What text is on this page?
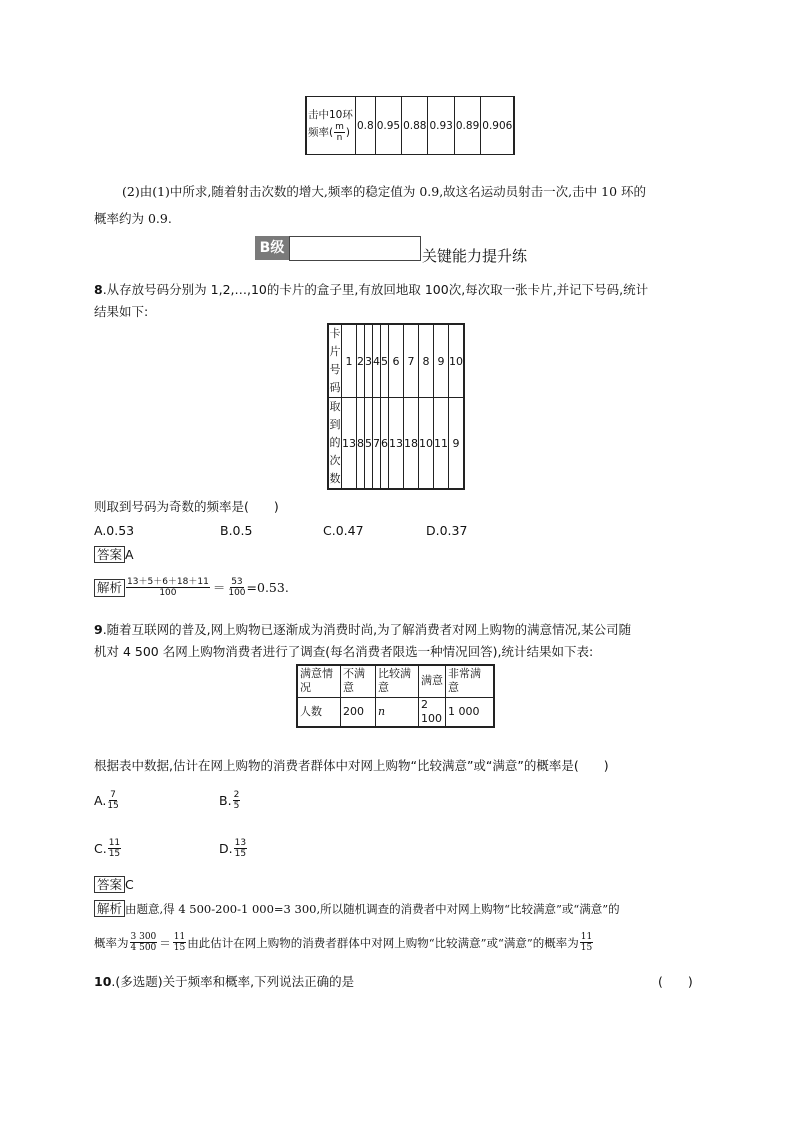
击中10环
频率( $\frac{m}{n}$ )	0.8	0.95	0.88	0.93	0.89	0.906
(2)由(1)中所求,随着射击次数的增大,频率的稳定值为 0.9,故这名运动员射击一次,击中 10 环的
概率约为 0.9.
B级	关键能力提升练
8.从存放号码分别为 1,2,…,10的卡片的盒子里,有放回地取 100次,每次取一张卡片,并记下号码,统计
结果如下:
卡片号码	1	2	3	4	5	6	7	8	9	10

取到的次数	13	8	5	7	6	13	18	10	11	9
则取到号码为奇数的频率是(　　)
A.0.53	B.0.5	C.0.47	D.0.37
答案 A
解析 $\frac{13+5+6+18+11}{100} = \frac{53}{100} =0.53$.
9.随着互联网的普及,网上购物已逐渐成为消费时尚,为了解消费者对网上购物的满意情况,某公司随
机对 4 500 名网上购物消费者进行了调查(每名消费者限选一种情况回答),统计结果如下表:
满意情况	不满意	比较满意	满意	非常满意
人数	200	n	2 100	1 000
根据表中数据,估计在网上购物的消费者群体中对网上购物“比较满意”或“满意”的概率是(　　)
A. $\frac{7}{15}$	B. $\frac{2}{5}$
C. $\frac{11}{15}$	D. $\frac{13}{15}$
答案 C
解析 由题意,得 4 500-200-1 000=3 300,所以随机调查的消费者中对网上购物“比较满意”或“满意”的
概率为 $\frac{3 300}{4 500} = \frac{11}{15}$ 由此估计在网上购物的消费者群体中对网上购物“比较满意”或“满意”的概率为 $\frac{11}{15}$
10.(多选题)关于频率和概率,下列说法正确的是	(　　)
